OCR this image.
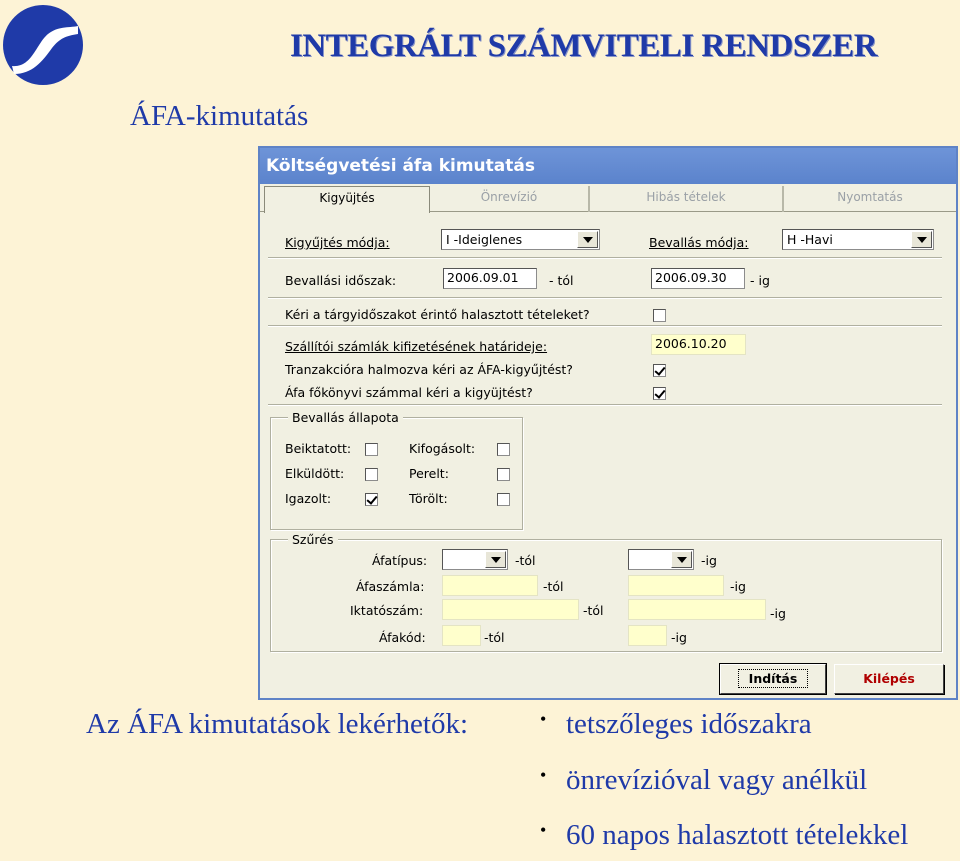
INTEGRÁLT SZÁMVITELI RENDSZER
ÁFA-kimutatás
Költségvetési áfa kimutatás
Kigyüjtés	Önrevízió	Hibás tételek	Nyomtatás
Kigyűjtés módja:	I -Ideiglenes	Bevallás módja:	H -Havi
Bevallási időszak:	2006.09.01	- tól	2006.09.30	- ig
Kéri a tárgyidőszakot érintő halasztott tételeket?
Szállítói számlák kifizetésének határideje:	2006.10.20
Tranzakcióra halmozva kéri az ÁFA-kigyűjtést?
Áfa főkönyvi számmal kéri a kigyüjtést?
Bevallás állapota
Beiktatott:	Kifogásolt:
Elküldött:	Perelt:
Igazolt:	Törölt:
Szűrés
Áfatípus:	-tól	-ig
Áfaszámla:	-tól	-ig
Iktatószám:	-tól	-ig
Áfakód:	-tól	-ig
Indítás	Kilépés
Az ÁFA kimutatások lekérhetők:	• tetszőleges időszakra
• önrevízióval vagy anélkül
• 60 napos halasztott tételekkel
